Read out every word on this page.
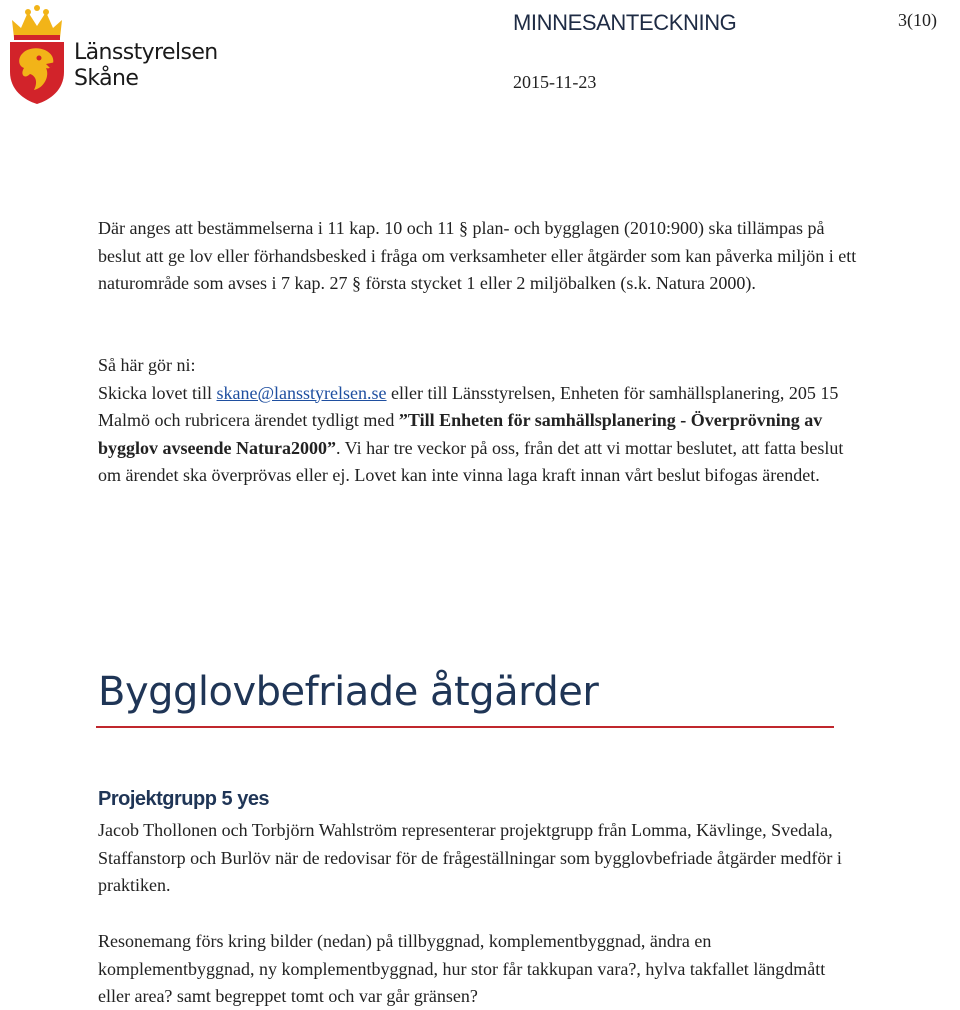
Länsstyrelsen
Skåne
MINNESANTECKNING
2015-11-23
3(10)

Där anges att bestämmelserna i 11 kap. 10 och 11 § plan- och bygglagen (2010:900) ska tillämpas på beslut att ge lov eller förhandsbesked i fråga om verksamheter eller åtgärder som kan påverka miljön i ett naturområde som avses i 7 kap. 27 § första stycket 1 eller 2 miljöbalken (s.k. Natura 2000).

Så här gör ni:
Skicka lovet till skane@lansstyrelsen.se eller till Länsstyrelsen, Enheten för samhällsplanering, 205 15 Malmö och rubricera ärendet tydligt med ”Till Enheten för samhällsplanering - Överprövning av bygglov avseende Natura2000”. Vi har tre veckor på oss, från det att vi mottar beslutet, att fatta beslut om ärendet ska överprövas eller ej. Lovet kan inte vinna laga kraft innan vårt beslut bifogas ärendet.
Bygglovbefriade åtgärder
Projektgrupp 5 yes

Jacob Thollonen och Torbjörn Wahlström representerar projektgrupp från Lomma, Kävlinge, Svedala, Staffanstorp och Burlöv när de redovisar för de frågeställningar som bygglovbefriade åtgärder medför i praktiken.

Resonemang förs kring bilder (nedan) på tillbyggnad, komplementbyggnad, ändra en komplementbyggnad, ny komplementbyggnad, hur stor får takkupan vara?, hylva takfallet längdmått eller area? samt begreppet tomt och var går gränsen?
